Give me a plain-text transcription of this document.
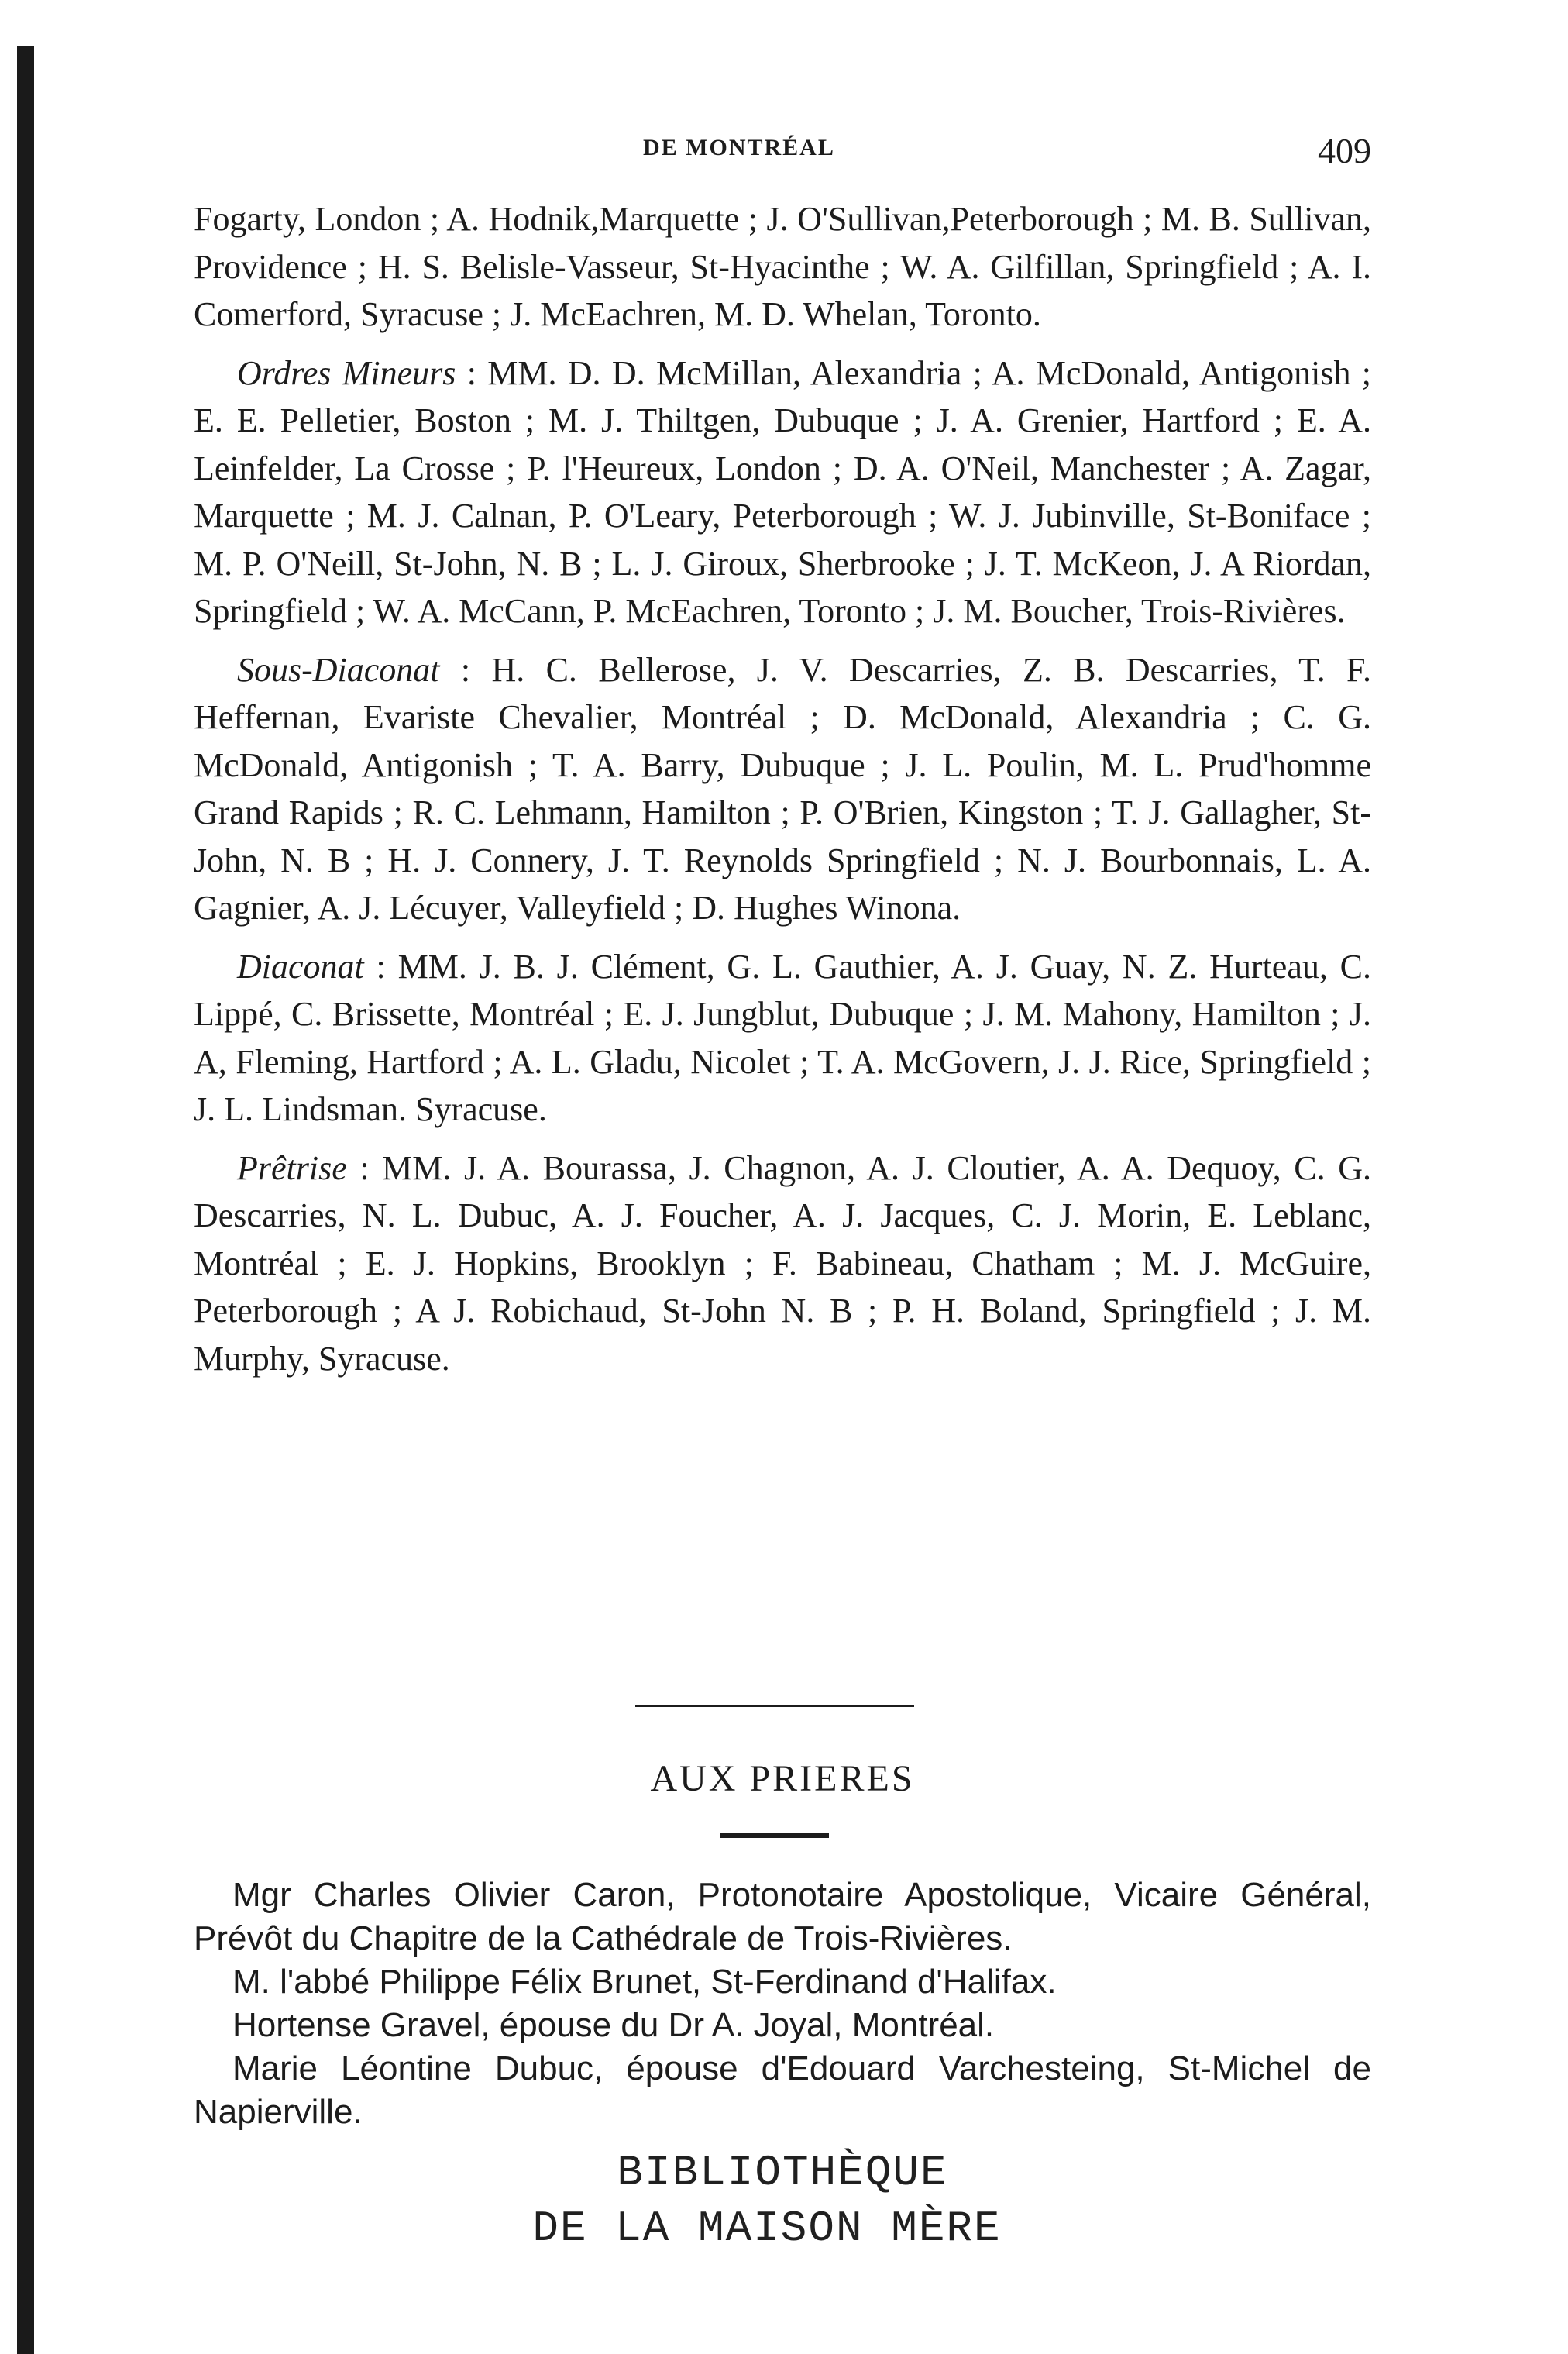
DE MONTRÉAL	409

Fogarty, London ; A. Hodnik,Marquette ; J. O'Sullivan,Peterborough ; M. B. Sullivan, Providence ; H. S. Belisle-Vasseur, St-Hyacinthe ; W. A. Gilfillan, Springfield ; A. I. Comerford, Syracuse ; J. McEachren, M. D. Whelan, Toronto.

Ordres Mineurs : MM. D. D. McMillan, Alexandria ; A. McDonald, Antigonish ; E. E. Pelletier, Boston ; M. J. Thiltgen, Dubuque ; J. A. Grenier, Hartford ; E. A. Leinfelder, La Crosse ; P. l'Heureux, London ; D. A. O'Neil, Manchester ; A. Zagar, Marquette ; M. J. Calnan, P. O'Leary, Peterborough ; W. J. Jubinville, St-Boniface ; M. P. O'Neill, St-John, N. B ; L. J. Giroux, Sherbrooke ; J. T. McKeon, J. A Riordan, Springfield ; W. A. McCann, P. McEachren, Toronto ; J. M. Boucher, Trois-Rivières.

Sous-Diaconat : H. C. Bellerose, J. V. Descarries, Z. B. Descarries, T. F. Heffernan, Evariste Chevalier, Montréal ; D. McDonald, Alexandria ; C. G. McDonald, Antigonish ; T. A. Barry, Dubuque ; J. L. Poulin, M. L. Prud'homme Grand Rapids ; R. C. Lehmann, Hamilton ; P. O'Brien, Kingston ; T. J. Gallagher, St-John, N. B ; H. J. Connery, J. T. Reynolds Springfield ; N. J. Bourbonnais, L. A. Gagnier, A. J. Lécuyer, Valleyfield ; D. Hughes Winona.

Diaconat : MM. J. B. J. Clément, G. L. Gauthier, A. J. Guay, N. Z. Hurteau, C. Lippé, C. Brissette, Montréal ; E. J. Jungblut, Dubuque ; J. M. Mahony, Hamilton ; J. A, Fleming, Hartford ; A. L. Gladu, Nicolet ; T. A. McGovern, J. J. Rice, Springfield ; J. L. Lindsman. Syracuse.

Prêtrise : MM. J. A. Bourassa, J. Chagnon, A. J. Cloutier, A. A. Dequoy, C. G. Descarries, N. L. Dubuc, A. J. Foucher, A. J. Jacques, C. J. Morin, E. Leblanc, Montréal ; E. J. Hopkins, Brooklyn ; F. Babineau, Chatham ; M. J. McGuire, Peterborough ; A J. Robichaud, St-John N. B ; P. H. Boland, Springfield ; J. M. Murphy, Syracuse.

AUX PRIERES

Mgr Charles Olivier Caron, Protonotaire Apostolique, Vicaire Général, Prévôt du Chapitre de la Cathédrale de Trois-Rivières.

M. l'abbé Philippe Félix Brunet, St-Ferdinand d'Halifax.

Hortense Gravel, épouse du Dr A. Joyal, Montréal.

Marie Léontine Dubuc, épouse d'Edouard Varchesteing, St-Michel de Napierville.

BIBLIOTHÈQUE
DE LA MAISON MÈRE
